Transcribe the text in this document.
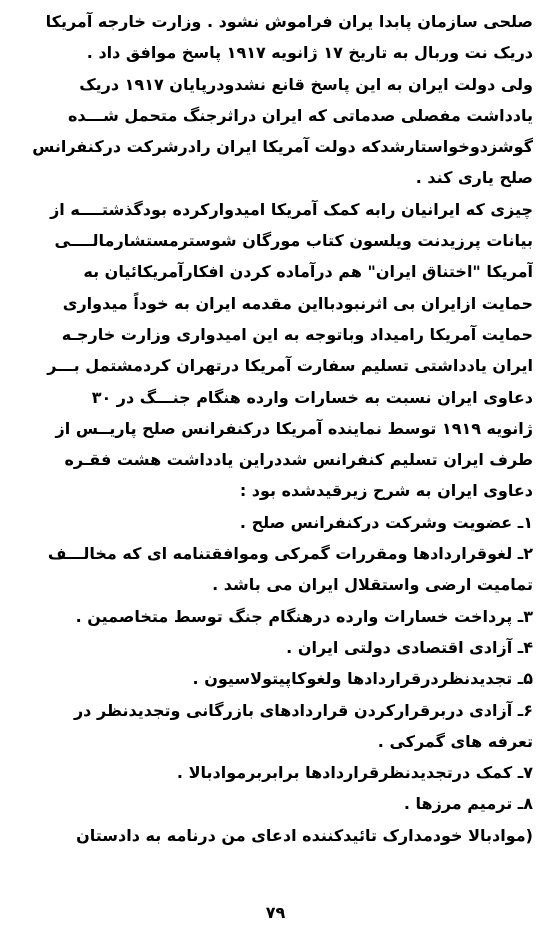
صلحی سازمان پابدا یران فراموش نشود . وزارت خارجه آمریکا
دریک نت وربال به تاریخ ۱۷ ژانویه ۱۹۱۷ پاسخ موافق داد .
ولی دولت ایران به این پاسخ قانع نشدودرپایان ۱۹۱۷ دریک
یادداشت مفصلی صدماتی که ایران دراثرجنگ متحمل شـــده
گوشزدوخواستارشدکه دولت آمریکا ایران رادرشرکت درکنفرانس
صلح یاری کند .
چیزی که ایرانیان رابه کمک آمریکا امیدوارکرده بودگذشتــــه از
بیانات پرزیدنت ویلسون کتاب مورگان شوسترمستشارمالــــی
آمریکا "اختناق ایران" هم درآماده کردن افکارآمریکائیان به
حمایت ازایران بی اثرنبودبااین مقدمه ایران به خوداً میدواری
حمایت آمریکا رامیداد وباتوجه به این امیدواری وزارت خارجـه
ایران یادداشتی تسلیم سفارت آمریکا درتهران کردمشتمل بـــر
دعاوی ایران نسبت به خسارات وارده هنگام جنـــگ در ۳۰
ژانویه ۱۹۱۹ توسط نماینده آمریکا درکنفرانس صلح پاریــس از
طرف ایران تسلیم کنفرانس شددراین یادداشت هشت فقـره
دعاوی ایران به شرح زیرقیدشده بود :
۱ـ عضویت وشرکت درکنفرانس صلح .
۲ـ لغوقراردادها ومقررات گمرکی وموافقتنامه ای که مخالـــف
تمامیت ارضی واستقلال ایران می باشد .
۳ـ پرداخت خسارات وارده درهنگام جنگ توسط متخاصمین .
۴ـ آزادی اقتصادی دولتی ایران .
۵ـ تجدیدنظردرقراردادها ولغوکاپیتولاسیون .
۶ـ آزادی دربرقرارکردن قراردادهای بازرگانی وتجدیدنظر در
تعرفه های گمرکی .
۷ـ کمک درتجدیدنظرقراردادها برابربرموادبالا .
۸ـ ترمیم مرزها .
(موادبالا خودمدارک تائیدکننده ادعای من درنامه به دادستان
۷۹
